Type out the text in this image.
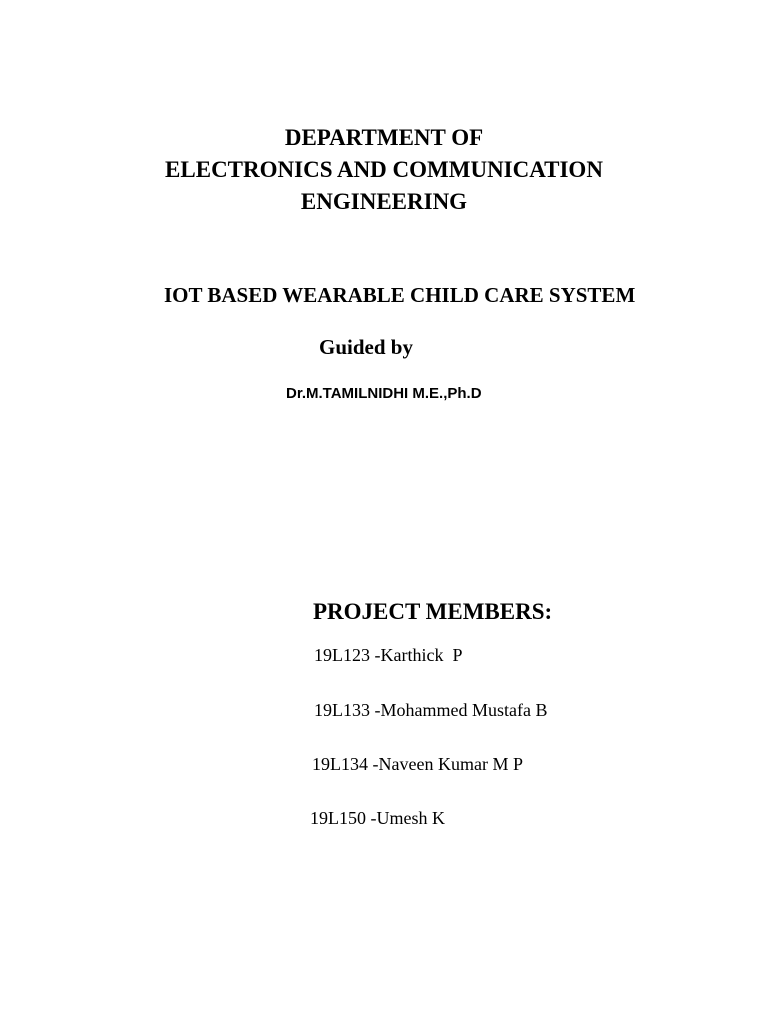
DEPARTMENT OF
ELECTRONICS AND COMMUNICATION
ENGINEERING
IOT BASED WEARABLE CHILD CARE SYSTEM
Guided by
Dr.M.TAMILNIDHI M.E.,Ph.D
PROJECT MEMBERS:
19L123 -Karthick  P
19L133 -Mohammed Mustafa B
19L134 -Naveen Kumar M P
19L150 -Umesh K
